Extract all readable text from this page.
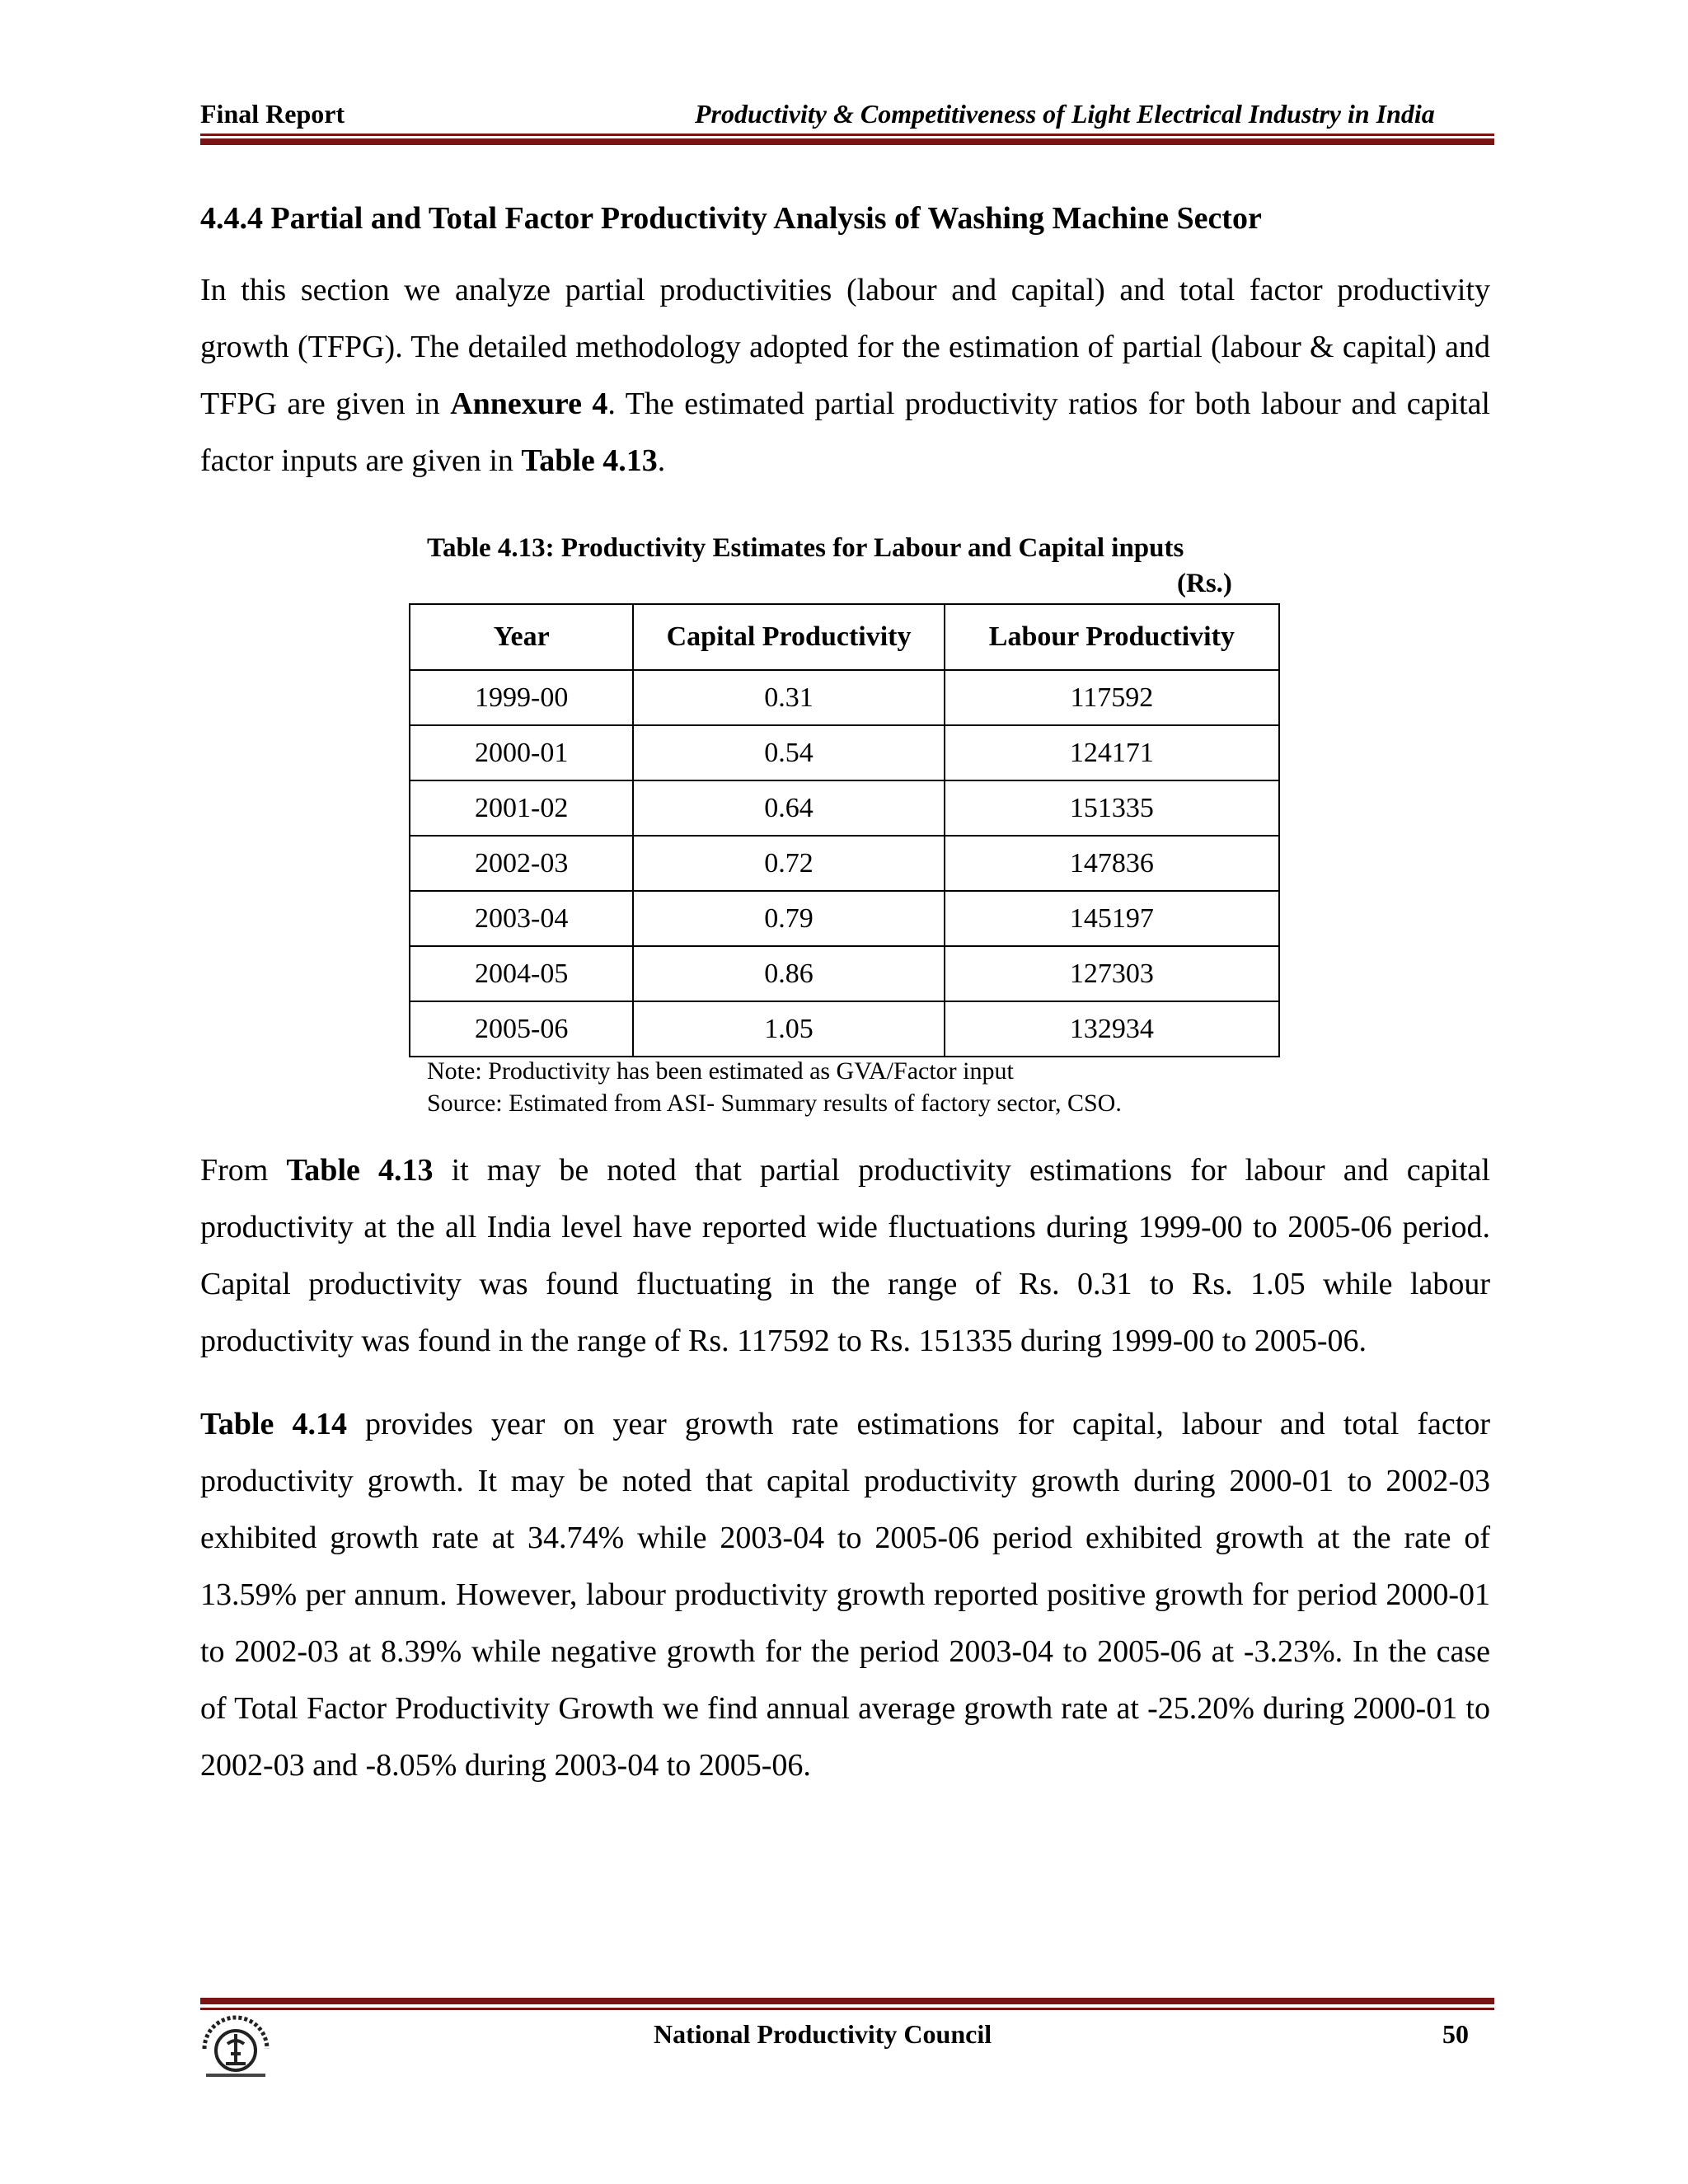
Final Report	Productivity & Competitiveness of Light Electrical Industry in India
4.4.4 Partial and Total Factor Productivity Analysis of Washing Machine Sector

In this section we analyze partial productivities (labour and capital) and total factor productivity growth (TFPG). The detailed methodology adopted for the estimation of partial (labour & capital) and TFPG are given in Annexure 4. The estimated partial productivity ratios for both labour and capital factor inputs are given in Table 4.13.

Table 4.13: Productivity Estimates for Labour and Capital inputs
(Rs.)
Year	Capital Productivity	Labour Productivity
1999-00	0.31	117592
2000-01	0.54	124171
2001-02	0.64	151335
2002-03	0.72	147836
2003-04	0.79	145197
2004-05	0.86	127303
2005-06	1.05	132934
Note: Productivity has been estimated as GVA/Factor input
Source: Estimated from ASI- Summary results of factory sector, CSO.

From Table 4.13 it may be noted that partial productivity estimations for labour and capital productivity at the all India level have reported wide fluctuations during 1999-00 to 2005-06 period. Capital productivity was found fluctuating in the range of Rs. 0.31 to Rs. 1.05 while labour productivity was found in the range of Rs. 117592 to Rs. 151335 during 1999-00 to 2005-06.

Table 4.14 provides year on year growth rate estimations for capital, labour and total factor productivity growth. It may be noted that capital productivity growth during 2000-01 to 2002-03 exhibited growth rate at 34.74% while 2003-04 to 2005-06 period exhibited growth at the rate of 13.59% per annum. However, labour productivity growth reported positive growth for period 2000-01 to 2002-03 at 8.39% while negative growth for the period 2003-04 to 2005-06 at -3.23%. In the case of Total Factor Productivity Growth we find annual average growth rate at -25.20% during 2000-01 to 2002-03 and -8.05% during 2003-04 to 2005-06.

National Productivity Council	50
